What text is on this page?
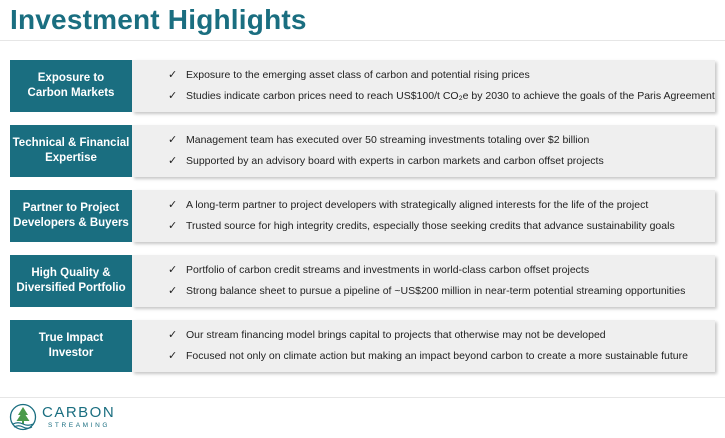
Investment Highlights
Exposure to
Carbon Markets
✓ Exposure to the emerging asset class of carbon and potential rising prices
✓ Studies indicate carbon prices need to reach US$100/t CO₂e by 2030 to achieve the goals of the Paris Agreement
Technical & Financial
Expertise
✓ Management team has executed over 50 streaming investments totaling over $2 billion
✓ Supported by an advisory board with experts in carbon markets and carbon offset projects
Partner to Project
Developers & Buyers
✓ A long-term partner to project developers with strategically aligned interests for the life of the project
✓ Trusted source for high integrity credits, especially those seeking credits that advance sustainability goals
High Quality &
Diversified Portfolio
✓ Portfolio of carbon credit streams and investments in world-class carbon offset projects
✓ Strong balance sheet to pursue a pipeline of ~US$200 million in near-term potential streaming opportunities
True Impact
Investor
✓ Our stream financing model brings capital to projects that otherwise may not be developed
✓ Focused not only on climate action but making an impact beyond carbon to create a more sustainable future
CARBON
STREAMING
